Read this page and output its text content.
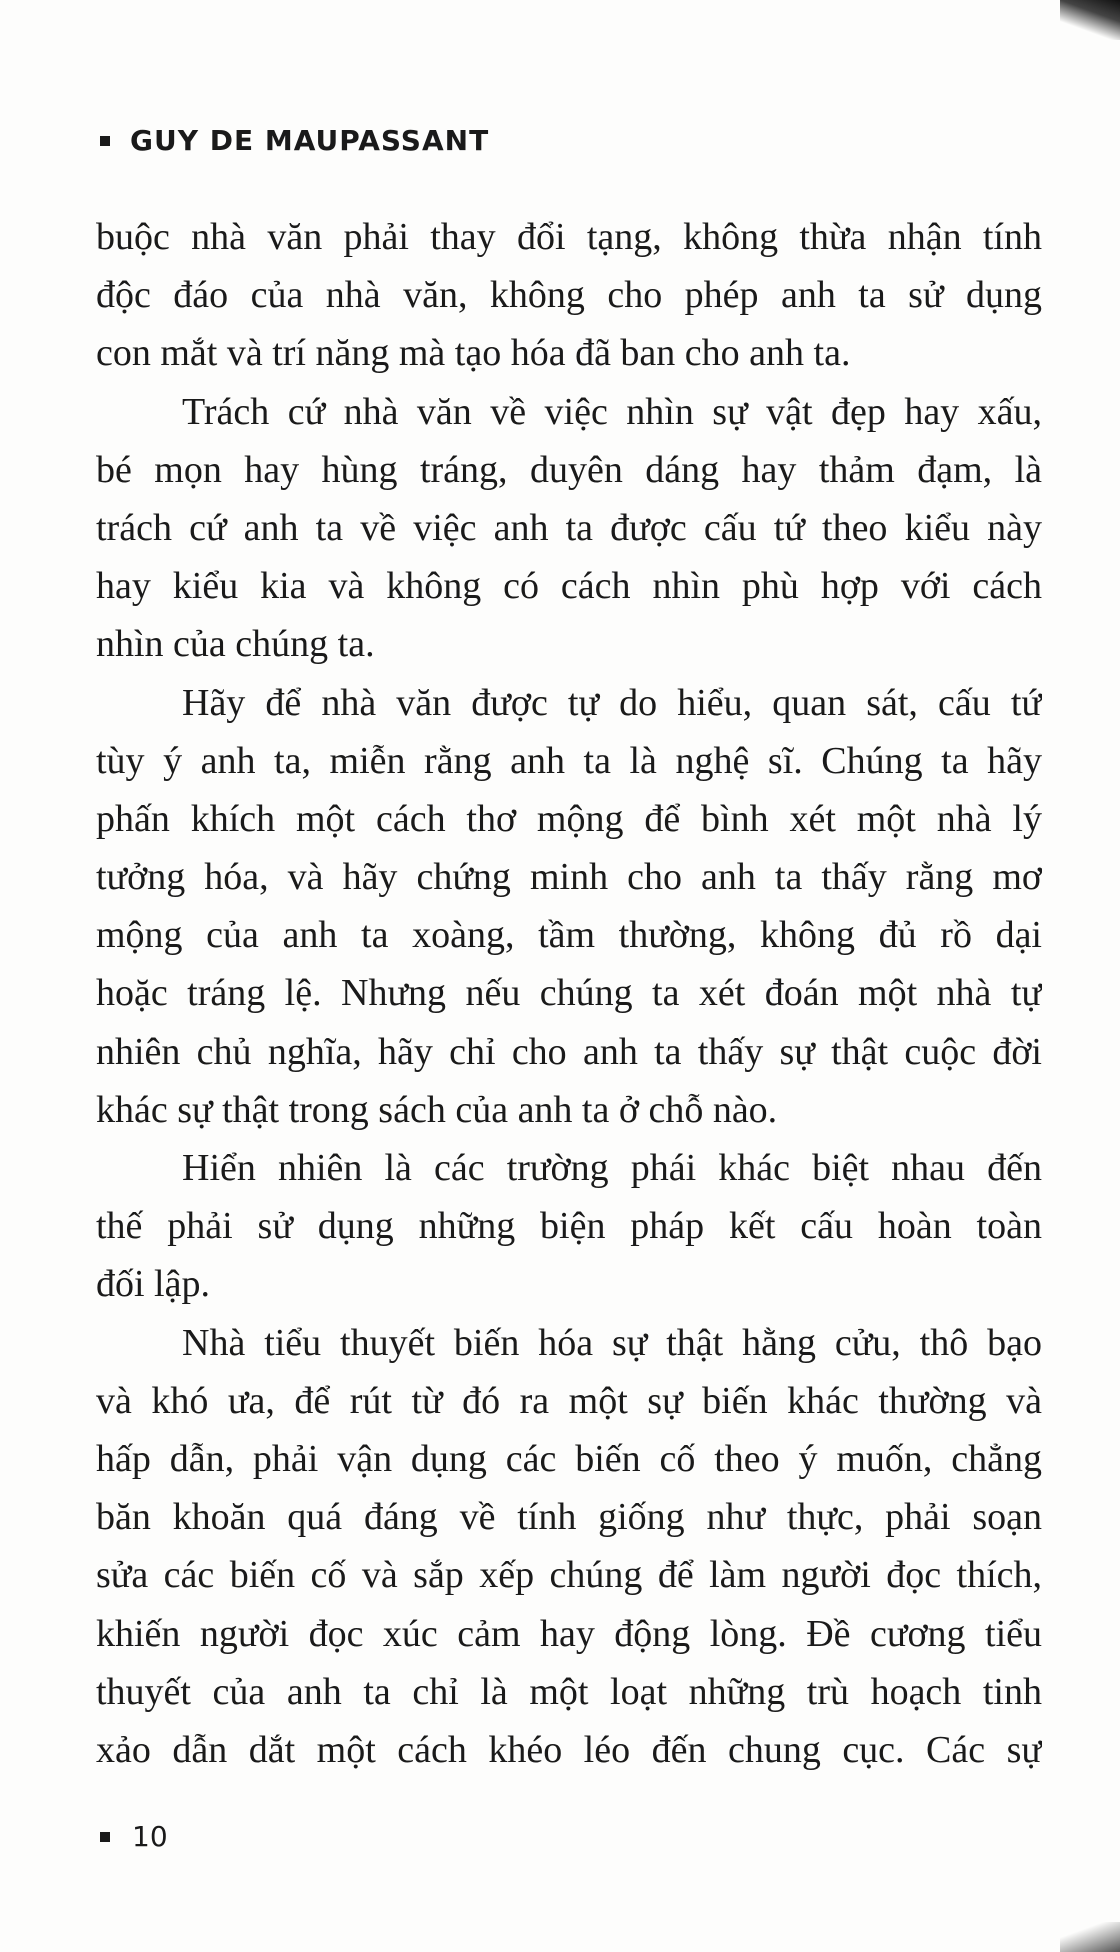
GUY DE MAUPASSANT
buộc nhà văn phải thay đổi tạng, không thừa nhận tính
độc đáo của nhà văn, không cho phép anh ta sử dụng
con mắt và trí năng mà tạo hóa đã ban cho anh ta.
Trách cứ nhà văn về việc nhìn sự vật đẹp hay xấu,
bé mọn hay hùng tráng, duyên dáng hay thảm đạm, là
trách cứ anh ta về việc anh ta được cấu tứ theo kiểu này
hay kiểu kia và không có cách nhìn phù hợp với cách
nhìn của chúng ta.
Hãy để nhà văn được tự do hiểu, quan sát, cấu tứ
tùy ý anh ta, miễn rằng anh ta là nghệ sĩ. Chúng ta hãy
phấn khích một cách thơ mộng để bình xét một nhà lý
tưởng hóa, và hãy chứng minh cho anh ta thấy rằng mơ
mộng của anh ta xoàng, tầm thường, không đủ rồ dại
hoặc tráng lệ. Nhưng nếu chúng ta xét đoán một nhà tự
nhiên chủ nghĩa, hãy chỉ cho anh ta thấy sự thật cuộc đời
khác sự thật trong sách của anh ta ở chỗ nào.
Hiển nhiên là các trường phái khác biệt nhau đến
thế phải sử dụng những biện pháp kết cấu hoàn toàn
đối lập.
Nhà tiểu thuyết biến hóa sự thật hằng cửu, thô bạo
và khó ưa, để rút từ đó ra một sự biến khác thường và
hấp dẫn, phải vận dụng các biến cố theo ý muốn, chẳng
băn khoăn quá đáng về tính giống như thực, phải soạn
sửa các biến cố và sắp xếp chúng để làm người đọc thích,
khiến người đọc xúc cảm hay động lòng. Đề cương tiểu
thuyết của anh ta chỉ là một loạt những trù hoạch tinh
xảo dẫn dắt một cách khéo léo đến chung cục. Các sự
10
